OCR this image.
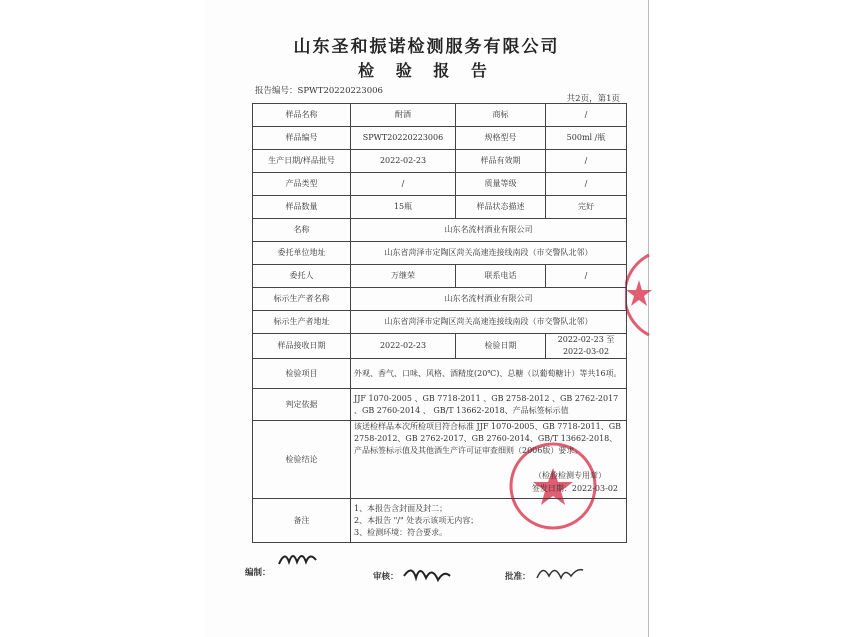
山东圣和振诺检测服务有限公司
检 验 报 告
报告编号：SPWT20220223006
共2页，第1页
样品名称	酎酒	商标	/
样品编号	SPWT20220223006	规格型号	500ml /瓶
生产日期/样品批号	2022-02-23	样品有效期	/
产品类型	/	质量等级	/
样品数量	15瓶	样品状态描述	完好
名称	山东名流村酒业有限公司		
委托单位地址	山东省菏泽市定陶区菏关高速连接线南段（市交警队北邻）		
委托人	万继荣	联系电话	/
标示生产者名称	山东名流村酒业有限公司		
标示生产者地址	山东省菏泽市定陶区菏关高速连接线南段（市交警队北邻）		
样品接收日期	2022-02-23	检验日期	2022-02-23 至 2022-03-02
检验项目	外观、香气、口味、风格、酒精度(20℃)、总糖（以葡萄糖计）等共16项。		
判定依据	JJF 1070-2005 、GB 7718-2011 、GB 2758-2012 、GB 2762-2017 、GB 2760-2014 、 GB/T 13662-2018、产品标签标示值		
检验结论	该送检样品本次所检项目符合标准 JJF 1070-2005、GB 7718-2011、GB 2758-2012、GB 2762-2017、GB 2760-2014、GB/T 13662-2018、产品标签标示值及其他酒生产许可证审查细则（2006版）要求。
（检验检测专用章）
签发日期：2022-03-02		

备注	1、本报告含封面及封二；
2、本报告 "/" 处表示该项无内容；
3、检测环境：符合要求。		
编制：	审核：	批准：
